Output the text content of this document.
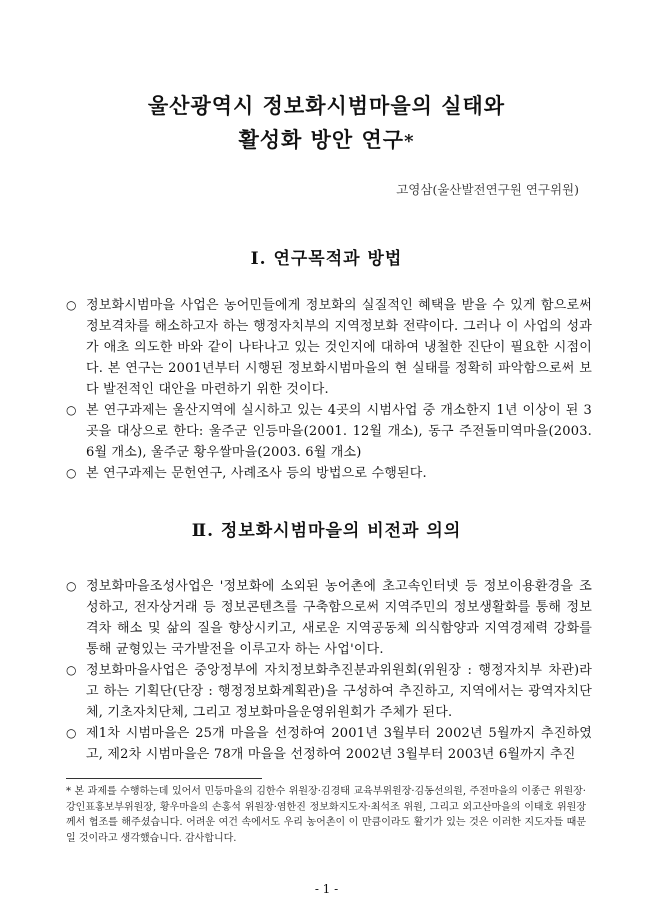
울산광역시 정보화시범마을의 실태와
활성화 방안 연구*
고영삼(울산발전연구원 연구위원)
Ⅰ. 연구목적과 방법
○ 정보화시범마을 사업은 농어민들에게 정보화의 실질적인 혜택을 받을 수 있게 함으로써 정보격차를 해소하고자 하는 행정자치부의 지역정보화 전략이다. 그러나 이 사업의 성과가 애초 의도한 바와 같이 나타나고 있는 것인지에 대하여 냉철한 진단이 필요한 시점이다. 본 연구는 2001년부터 시행된 정보화시범마을의 현 실태를 정확히 파악함으로써 보다 발전적인 대안을 마련하기 위한 것이다.
○ 본 연구과제는 울산지역에 실시하고 있는 4곳의 시범사업 중 개소한지 1년 이상이 된 3곳을 대상으로 한다: 울주군 인등마을(2001. 12월 개소), 동구 주전돌미역마을(2003. 6월 개소), 울주군 황우쌀마을(2003. 6월 개소)
○ 본 연구과제는 문헌연구, 사례조사 등의 방법으로 수행된다.
Ⅱ. 정보화시범마을의 비전과 의의
○ 정보화마을조성사업은 '정보화에 소외된 농어촌에 초고속인터넷 등 정보이용환경을 조성하고, 전자상거래 등 정보콘텐츠를 구축함으로써 지역주민의 정보생활화를 통해 정보격차 해소 및 삶의 질을 향상시키고, 새로운 지역공동체 의식함양과 지역경제력 강화를 통해 균형있는 국가발전을 이루고자 하는 사업'이다.
○ 정보화마을사업은 중앙정부에 자치정보화추진분과위원회(위원장 : 행정자치부 차관)라고 하는 기획단(단장 : 행정정보화계획관)을 구성하여 추진하고, 지역에서는 광역자치단체, 기초자치단체, 그리고 정보화마을운영위원회가 주체가 된다.
○ 제1차 시범마을은 25개 마을을 선정하여 2001년 3월부터 2002년 5월까지 추진하였고, 제2차 시범마을은 78개 마을을 선정하여 2002년 3월부터 2003년 6월까지 추진
* 본 과제를 수행하는데 있어서 민등마을의 김한수 위원장·김경태 교육부위원장·김동선의원, 주전마을의 이종근 위원장·강인표홍보부위원장, 황우마을의 손홍석 위원장·염한진 정보화지도자·최석조 위원, 그리고 외고산마을의 이태호 위원장께서 협조를 해주셨습니다. 어려운 여건 속에서도 우리 농어촌이 이 만큼이라도 활기가 있는 것은 이러한 지도자들 때문일 것이라고 생각했습니다. 감사합니다.
- 1 -
